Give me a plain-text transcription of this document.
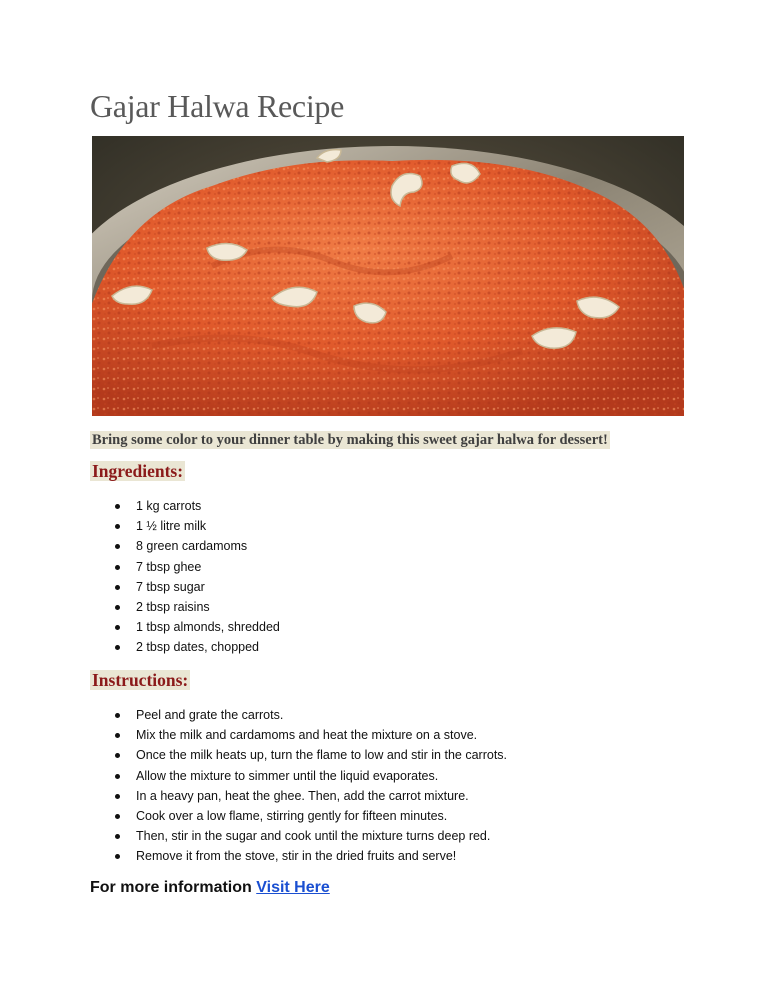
Gajar Halwa Recipe
Bring some color to your dinner table by making this sweet gajar halwa for dessert!
Ingredients:
1 kg carrots
1 ½ litre milk
8 green cardamoms
7 tbsp ghee
7 tbsp sugar
2 tbsp raisins
1 tbsp almonds, shredded
2 tbsp dates, chopped
Instructions:
Peel and grate the carrots.
Mix the milk and cardamoms and heat the mixture on a stove.
Once the milk heats up, turn the flame to low and stir in the carrots.
Allow the mixture to simmer until the liquid evaporates.
In a heavy pan, heat the ghee. Then, add the carrot mixture.
Cook over a low flame, stirring gently for fifteen minutes.
Then, stir in the sugar and cook until the mixture turns deep red.
Remove it from the stove, stir in the dried fruits and serve!
For more information Visit Here
